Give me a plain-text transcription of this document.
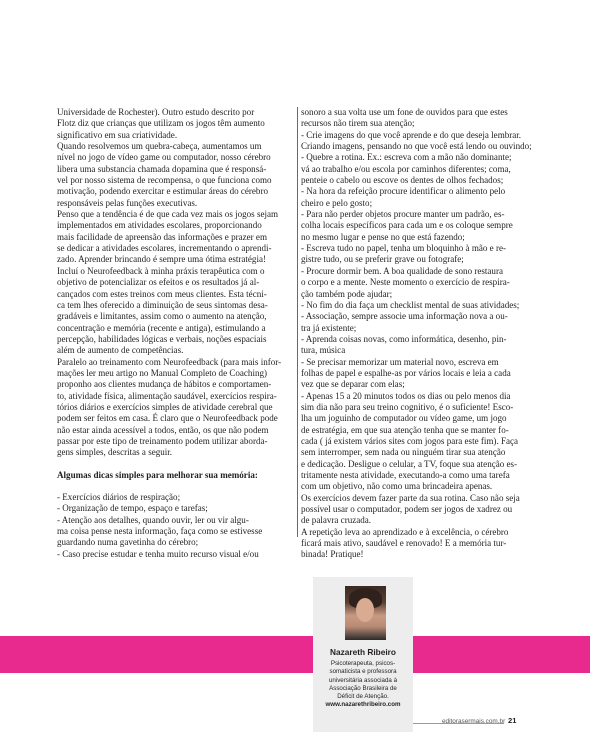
Universidade de Rochester). Outro estudo descrito por

Flotz diz que crianças que utilizam os jogos têm aumento

significativo em sua criatividade.

Quando resolvemos um quebra-cabeça, aumentamos um

nível no jogo de vídeo game ou computador, nosso cérebro

libera uma substancia chamada dopamina que é responsá-

vel por nosso sistema de recompensa, o que funciona como

motivação, podendo exercitar e estimular áreas do cérebro

responsáveis pelas funções executivas.

Penso que a tendência é de que cada vez mais os jogos sejam

implementados em atividades escolares, proporcionando

mais facilidade de apreensão das informações e prazer em

se dedicar a atividades escolares, incrementando o aprendi-

zado. Aprender brincando é sempre uma ótima estratégia!

Incluí o Neurofeedback à minha práxis terapêutica com o

objetivo de potencializar os efeitos e os resultados já al-

cançados com estes treinos com meus clientes. Esta técni-

ca tem lhes oferecido a diminuição de seus sintomas desa-

gradáveis e limitantes, assim como o aumento na atenção,

concentração e memória (recente e antiga), estimulando a

percepção, habilidades lógicas e verbais, noções espaciais

além de aumento de competências.

Paralelo ao treinamento com Neurofeedback (para mais infor-

mações ler meu artigo no Manual Completo de Coaching)

proponho aos clientes mudança de hábitos e comportamen-

to, atividade física, alimentação saudável, exercícios respira-

tórios diários e exercícios simples de atividade cerebral que

podem ser feitos em casa. É claro que o Neurofeedback pode

não estar ainda acessível a todos, então, os que não podem

passar por este tipo de treinamento podem utilizar aborda-

gens simples, descritas a seguir.

Algumas dicas simples para melhorar sua memória:

- Exercícios diários de respiração;

- Organização de tempo, espaço e tarefas;

- Atenção aos detalhes, quando ouvir, ler ou vir algu-

ma coisa pense nesta informação, faça como se estivesse

guardando numa gavetinha do cérebro;

- Caso precise estudar e tenha muito recurso visual e/ou

sonoro a sua volta use um fone de ouvidos para que estes

recursos não tirem sua atenção;

- Crie imagens do que você aprende e do que deseja lembrar.

Criando imagens, pensando no que você está lendo ou ouvindo;

- Quebre a rotina. Ex.: escreva com a mão não dominante;

vá ao trabalho e/ou escola por caminhos diferentes; coma,

penteie o cabelo ou escove os dentes de olhos fechados;

- Na hora da refeição procure identificar o alimento pelo

cheiro e pelo gosto;

- Para não perder objetos procure manter um padrão, es-

colha locais específicos para cada um e os coloque sempre

no mesmo lugar e pense no que está fazendo;

- Escreva tudo no papel, tenha um bloquinho à mão e re-

gistre tudo, ou se preferir grave ou fotografe;

- Procure dormir bem. A boa qualidade de sono restaura

o corpo e a mente. Neste momento o exercício de respira-

ção também pode ajudar;

- No fim do dia faça um checklist mental de suas atividades;

- Associação, sempre associe uma informação nova a ou-

tra já existente;

- Aprenda coisas novas, como informática, desenho, pin-

tura, música

- Se precisar memorizar um material novo, escreva em

folhas de papel e espalhe-as por vários locais e leia a cada

vez que se deparar com elas;

- Apenas 15 a 20 minutos todos os dias ou pelo menos dia

sim dia não para seu treino cognitivo, é o suficiente! Esco-

lha um joguinho de computador ou vídeo game, um jogo

de estratégia, em que sua atenção tenha que se manter fo-

cada ( já existem vários sites com jogos para este fim). Faça

sem interromper, sem nada ou ninguém tirar sua atenção

e dedicação. Desligue o celular, a TV, foque sua atenção es-

tritamente nesta atividade, executando-a como uma tarefa

com um objetivo, não como uma brincadeira apenas.

Os exercícios devem fazer parte da sua rotina. Caso não seja

possível usar o computador, podem ser jogos de xadrez ou

de palavra cruzada.

A repetição leva ao aprendizado e à excelência, o cérebro

ficará mais ativo, saudável e renovado! E a memória tur-

binada! Pratique!

Nazareth Ribeiro

Psicoterapeuta, psicos-

somaticista e professora

universitária associada à

Associação Brasileira de

Déficit de Atenção.

www.nazarethribeiro.com

editorasermais.com.br 21
